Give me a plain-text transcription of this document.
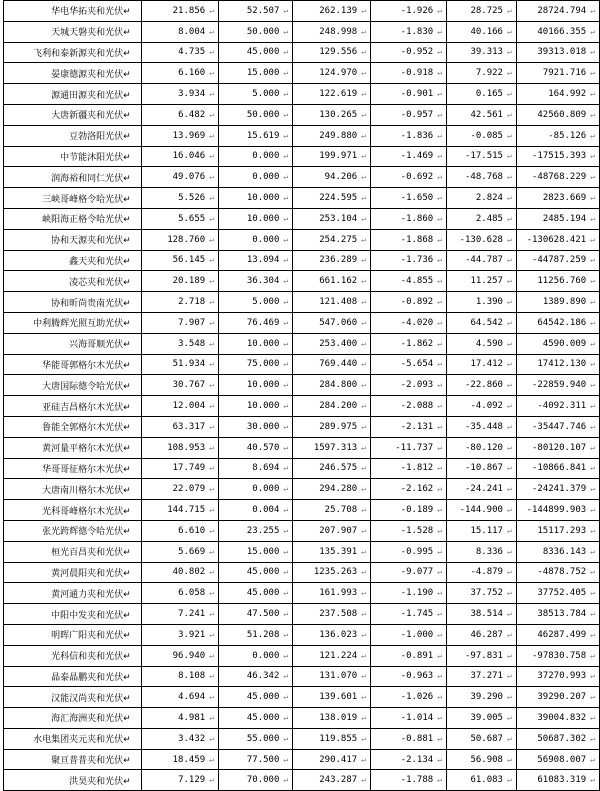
华电华拓夹和光伏↵	21.856 ↵	52.507 ↵	262.139 ↵	-1.926 ↵	28.725 ↵	28724.794 ↵
天城天磐夹和光伏↵	8.004 ↵	50.000 ↵	248.998 ↵	-1.830 ↵	40.166 ↵	40166.355 ↵
飞利和泰新源夹和光伏↵	4.735 ↵	45.000 ↵	129.556 ↵	-0.952 ↵	39.313 ↵	39313.018 ↵
晏康德源夹和光伏↵	6.160 ↵	15.000 ↵	124.970 ↵	-0.918 ↵	7.922 ↵	7921.716 ↵
源通田源夹和光伏↵	3.934 ↵	5.000 ↵	122.619 ↵	-0.901 ↵	0.165 ↵	164.992 ↵
大唐新疆夹和光伏↵	6.482 ↵	50.000 ↵	130.265 ↵	-0.957 ↵	42.561 ↵	42560.809 ↵
豆勃洛阳光伏↵	13.969 ↵	15.619 ↵	249.880 ↵	-1.836 ↵	-0.085 ↵	-85.126 ↵
中节能沐阳光伏↵	16.046 ↵	0.000 ↵	199.971 ↵	-1.469 ↵	-17.515 ↵	-17515.393 ↵
润海裕和同仁光伏↵	49.076 ↵	0.000 ↵	94.206 ↵	-0.692 ↵	-48.768 ↵	-48768.229 ↵
三峡哥峰格令哈光伏↵	5.526 ↵	10.000 ↵	224.595 ↵	-1.650 ↵	2.824 ↵	2823.669 ↵
峡阳海正格令哈光伏↵	5.655 ↵	10.000 ↵	253.104 ↵	-1.860 ↵	2.485 ↵	2485.194 ↵
协和天源夹和光伏↵	128.760 ↵	0.000 ↵	254.275 ↵	-1.868 ↵	-130.628 ↵	-130628.421 ↵
鑫天夹和光伏↵	56.145 ↵	13.094 ↵	236.289 ↵	-1.736 ↵	-44.787 ↵	-44787.259 ↵
凌芯夹和光伏↵	20.189 ↵	36.304 ↵	661.162 ↵	-4.855 ↵	11.257 ↵	11256.760 ↵
协和昕尚贵南光伏↵	2.718 ↵	5.000 ↵	121.408 ↵	-0.892 ↵	1.390 ↵	1389.890 ↵
中利腾辉光照互助光伏↵	7.907 ↵	76.469 ↵	547.060 ↵	-4.020 ↵	64.542 ↵	64542.186 ↵
兴海哥顺光伏↵	3.548 ↵	10.000 ↵	253.400 ↵	-1.862 ↵	4.590 ↵	4590.009 ↵
华能哥郭格尔木光伏↵	51.934 ↵	75.000 ↵	769.440 ↵	-5.654 ↵	17.412 ↵	17412.130 ↵
大唐国际德令哈光伏↵	30.767 ↵	10.000 ↵	284.800 ↵	-2.093 ↵	-22.860 ↵	-22859.940 ↵
亚硅吉昌格尔木光伏↵	12.004 ↵	10.000 ↵	284.200 ↵	-2.088 ↵	-4.092 ↵	-4092.311 ↵
鲁能全郭格尔木光伏↵	63.317 ↵	30.000 ↵	289.975 ↵	-2.131 ↵	-35.448 ↵	-35447.746 ↵
黄河量平格尔木光伏↵	108.953 ↵	40.570 ↵	1597.313 ↵	-11.737 ↵	-80.120 ↵	-80120.107 ↵
华哥哥征格尔木光伏↵	17.749 ↵	8.694 ↵	246.575 ↵	-1.812 ↵	-10.867 ↵	-10866.841 ↵
大唐南川格尔木光伏↵	22.079 ↵	0.000 ↵	294.280 ↵	-2.162 ↵	-24.241 ↵	-24241.379 ↵
光科哥峰格尔木光伏↵	144.715 ↵	0.004 ↵	25.708 ↵	-0.189 ↵	-144.900 ↵	-144899.903 ↵
张光跨辉德令哈光伏↵	6.610 ↵	23.255 ↵	207.907 ↵	-1.528 ↵	15.117 ↵	15117.293 ↵
桓光百昌夹和光伏↵	5.669 ↵	15.000 ↵	135.391 ↵	-0.995 ↵	8.336 ↵	8336.143 ↵
黄河晨阳夹和光伏↵	40.802 ↵	45.000 ↵	1235.263 ↵	-9.077 ↵	-4.879 ↵	-4878.752 ↵
黄河通力夹和光伏↵	6.058 ↵	45.000 ↵	161.993 ↵	-1.190 ↵	37.752 ↵	37752.405 ↵
中阳中发夹和光伏↵	7.241 ↵	47.500 ↵	237.508 ↵	-1.745 ↵	38.514 ↵	38513.784 ↵
明晖广阳夹和光伏↵	3.921 ↵	51.208 ↵	136.023 ↵	-1.000 ↵	46.287 ↵	46287.499 ↵
光科信和夹和光伏↵	96.940 ↵	0.000 ↵	121.224 ↵	-0.891 ↵	-97.831 ↵	-97830.758 ↵
晶泰晶鹏夹和光伏↵	8.108 ↵	46.342 ↵	131.070 ↵	-0.963 ↵	37.271 ↵	37270.993 ↵
汉能汉尚夹和光伏↵	4.694 ↵	45.000 ↵	139.601 ↵	-1.026 ↵	39.290 ↵	39290.207 ↵
海汇海洲夹和光伏↵	4.981 ↵	45.000 ↵	138.019 ↵	-1.014 ↵	39.005 ↵	39004.832 ↵
水电集团夹元夹和光伏↵	3.432 ↵	55.000 ↵	119.855 ↵	-0.881 ↵	50.687 ↵	50687.302 ↵
聚亘普普夹和光伏↵	18.459 ↵	77.500 ↵	290.417 ↵	-2.134 ↵	56.908 ↵	56908.007 ↵
洪昊夹和光伏↵	7.129 ↵	70.000 ↵	243.287 ↵	-1.788 ↵	61.083 ↵	61083.319 ↵
